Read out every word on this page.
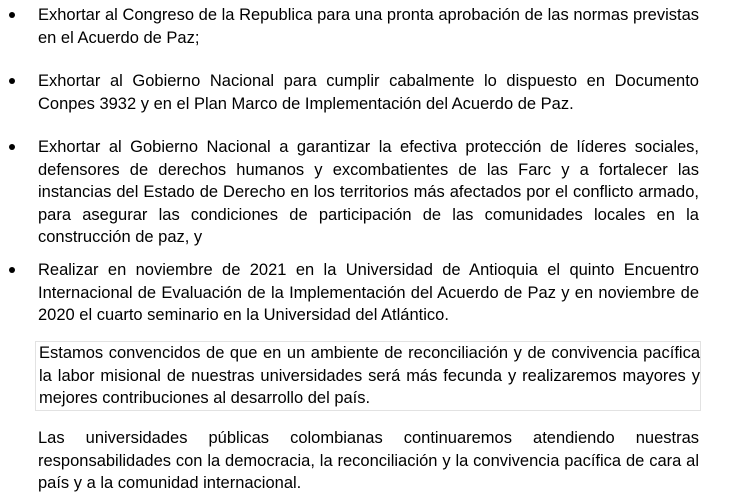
Exhortar al Congreso de la Republica para una pronta aprobación de las normas previstas en el Acuerdo de Paz;

Exhortar al Gobierno Nacional para cumplir cabalmente lo dispuesto en Documento Conpes 3932 y en el Plan Marco de Implementación del Acuerdo de Paz.

Exhortar al Gobierno Nacional a garantizar la efectiva protección de líderes sociales, defensores de derechos humanos y excombatientes de las Farc y a fortalecer las instancias del Estado de Derecho en los territorios más afectados por el conflicto armado, para asegurar las condiciones de participación de las comunidades locales en la construcción de paz, y

Realizar en noviembre de 2021 en la Universidad de Antioquia el quinto Encuentro Internacional de Evaluación de la Implementación del Acuerdo de Paz y en noviembre de 2020 el cuarto seminario en la Universidad del Atlántico.

Estamos convencidos de que en un ambiente de reconciliación y de convivencia pacífica la labor misional de nuestras universidades será más fecunda y realizaremos mayores y mejores contribuciones al desarrollo del país.

Las universidades públicas colombianas continuaremos atendiendo nuestras responsabilidades con la democracia, la reconciliación y la convivencia pacífica de cara al país y a la comunidad internacional.
